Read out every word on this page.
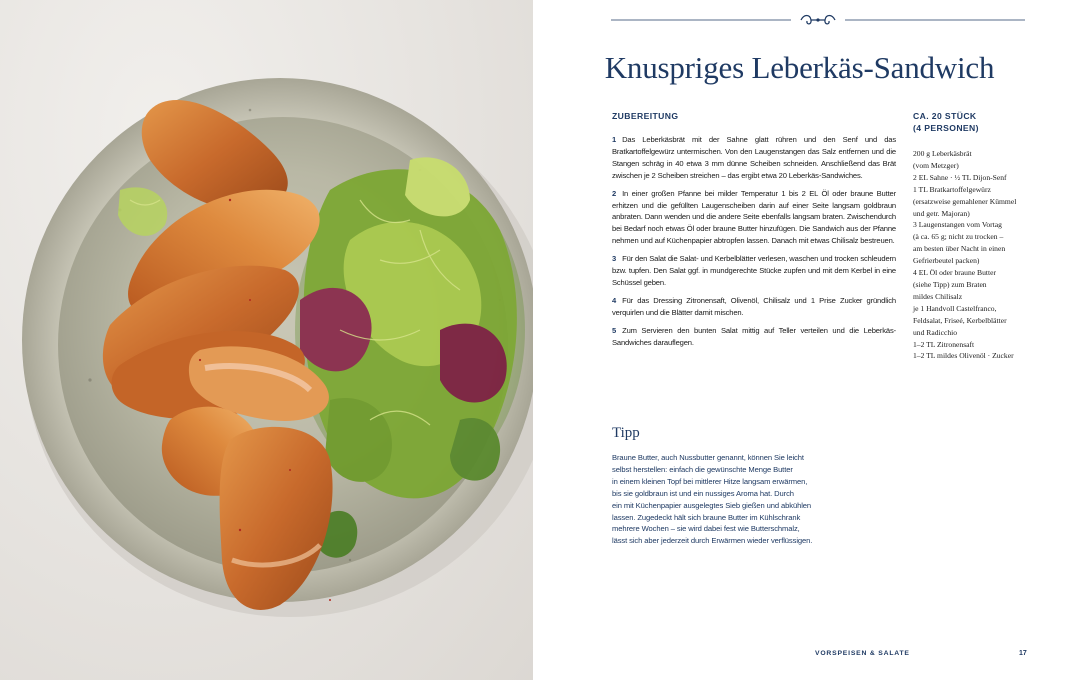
Knuspriges Leberkäs-Sandwich

ZUBEREITUNG

1 Das Leberkäsbrät mit der Sahne glatt rühren und den Senf und das Bratkartoffelgewürz untermischen. Von den Laugenstangen das Salz entfernen und die Stangen schräg in 40 etwa 3 mm dünne Scheiben schneiden. Anschließend das Brät zwischen je 2 Scheiben streichen – das ergibt etwa 20 Leberkäs-Sandwiches.

2 In einer großen Pfanne bei milder Temperatur 1 bis 2 EL Öl oder braune Butter erhitzen und die gefüllten Laugenscheiben darin auf einer Seite langsam goldbraun anbraten. Dann wenden und die andere Seite ebenfalls langsam braten. Zwischendurch bei Bedarf noch etwas Öl oder braune Butter hinzufügen. Die Sandwich aus der Pfanne nehmen und auf Küchenpapier abtropfen lassen. Danach mit etwas Chilisalz bestreuen.

3 Für den Salat die Salat- und Kerbelblätter verlesen, waschen und trocken schleudern bzw. tupfen. Den Salat ggf. in mundgerechte Stücke zupfen und mit dem Kerbel in eine Schüssel geben.

4 Für das Dressing Zitronensaft, Olivenöl, Chilisalz und 1 Prise Zucker gründlich verquirlen und die Blätter damit mischen.

5 Zum Servieren den bunten Salat mittig auf Teller verteilen und die Leberkäs-Sandwiches darauflegen.

CA. 20 STÜCK

(4 PERSONEN)

200 g Leberkäsbrät
(vom Metzger)
2 EL Sahne · ½ TL Dijon-Senf
1 TL Bratkartoffelgewürz
(ersatzweise gemahlener Kümmel
und getr. Majoran)
3 Laugenstangen vom Vortag
(à ca. 65 g; nicht zu trocken –
am besten über Nacht in einen
Gefrierbeutel packen)
4 EL Öl oder braune Butter
(siehe Tipp) zum Braten
mildes Chilisalz
je 1 Handvoll Castelfranco,
Feldsalat, Friseé, Kerbelblätter
und Radicchio
1–2 TL Zitronensaft
1–2 TL mildes Olivenöl · Zucker
Tipp

Braune Butter, auch Nussbutter genannt, können Sie leicht
selbst herstellen: einfach die gewünschte Menge Butter
in einem kleinen Topf bei mittlerer Hitze langsam erwärmen,
bis sie goldbraun ist und ein nussiges Aroma hat. Durch
ein mit Küchenpapier ausgelegtes Sieb gießen und abkühlen
lassen. Zugedeckt hält sich braune Butter im Kühlschrank
mehrere Wochen – sie wird dabei fest wie Butterschmalz,
lässt sich aber jederzeit durch Erwärmen wieder verflüssigen.

VORSPEISEN & SALATE	17
